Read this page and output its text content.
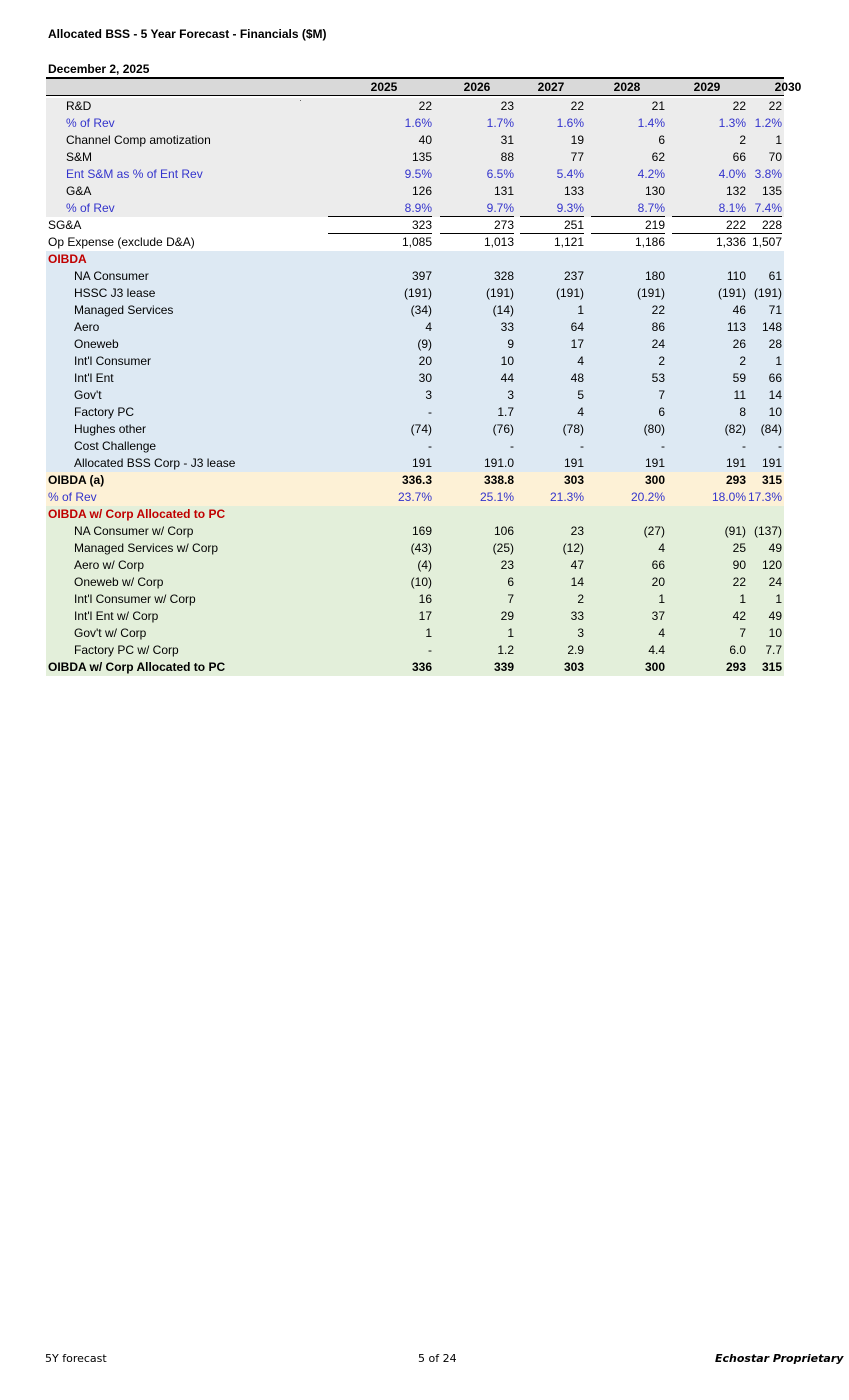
Allocated BSS - 5 Year Forecast - Financials ($M)
December 2, 2025
2025	2026	2027	2028	2029	2030
R&D	22	23	22	21	22	22
% of Rev	1.6%	1.7%	1.6%	1.4%	1.3% 1.2%
Channel Comp amotization	40	31	19	6	2	1
S&M	135	88	77	62	66	70
Ent S&M as % of Ent Rev	9.5%	6.5%	5.4%	4.2%	4.0% 3.8%
G&A	126	131	133	130	132	135
% of Rev	8.9%	9.7%	9.3%	8.7%	8.1% 7.4%
SG&A	323	273	251	219	222	228
Op Expense (exclude D&A)	1,085	1,013	1,121	1,186	1,336 1,507
OIBDA
NA Consumer	397	328	237	180	110	61
HSSC J3 lease	(191)	(191)	(191)	(191)	(191) (191)
Managed Services	(34)	(14)	1	22	46	71
Aero	4	33	64	86	113	148
Oneweb	(9)	9	17	24	26	28
Int'l Consumer	20	10	4	2	2	1
Int'l Ent	30	44	48	53	59	66
Gov't	3	3	5	7	11	14
Factory PC	-	1.7	4	6	8	10
Hughes other	(74)	(76)	(78)	(80)	(82)	(84)
Cost Challenge	-	-	-	-	-	-
Allocated BSS Corp - J3 lease	191	191.0	191	191	191	191
OIBDA (a)	336.3	338.8	303	300	293	315
% of Rev	23.7%	25.1%	21.3%	20.2%	18.0% 17.3%
OIBDA w/ Corp Allocated to PC
NA Consumer w/ Corp	169	106	23	(27)	(91) (137)
Managed Services w/ Corp	(43)	(25)	(12)	4	25	49
Aero w/ Corp	(4)	23	47	66	90	120
Oneweb w/ Corp	(10)	6	14	20	22	24
Int'l Consumer w/ Corp	16	7	2	1	1	1
Int'l Ent w/ Corp	17	29	33	37	42	49
Gov't w/ Corp	1	1	3	4	7	10
Factory PC w/ Corp	-	1.2	2.9	4.4	6.0	7.7
OIBDA w/ Corp Allocated to PC	336	339	303	300	293	315
5Y forecast	5 of 24	Echostar Proprietary
